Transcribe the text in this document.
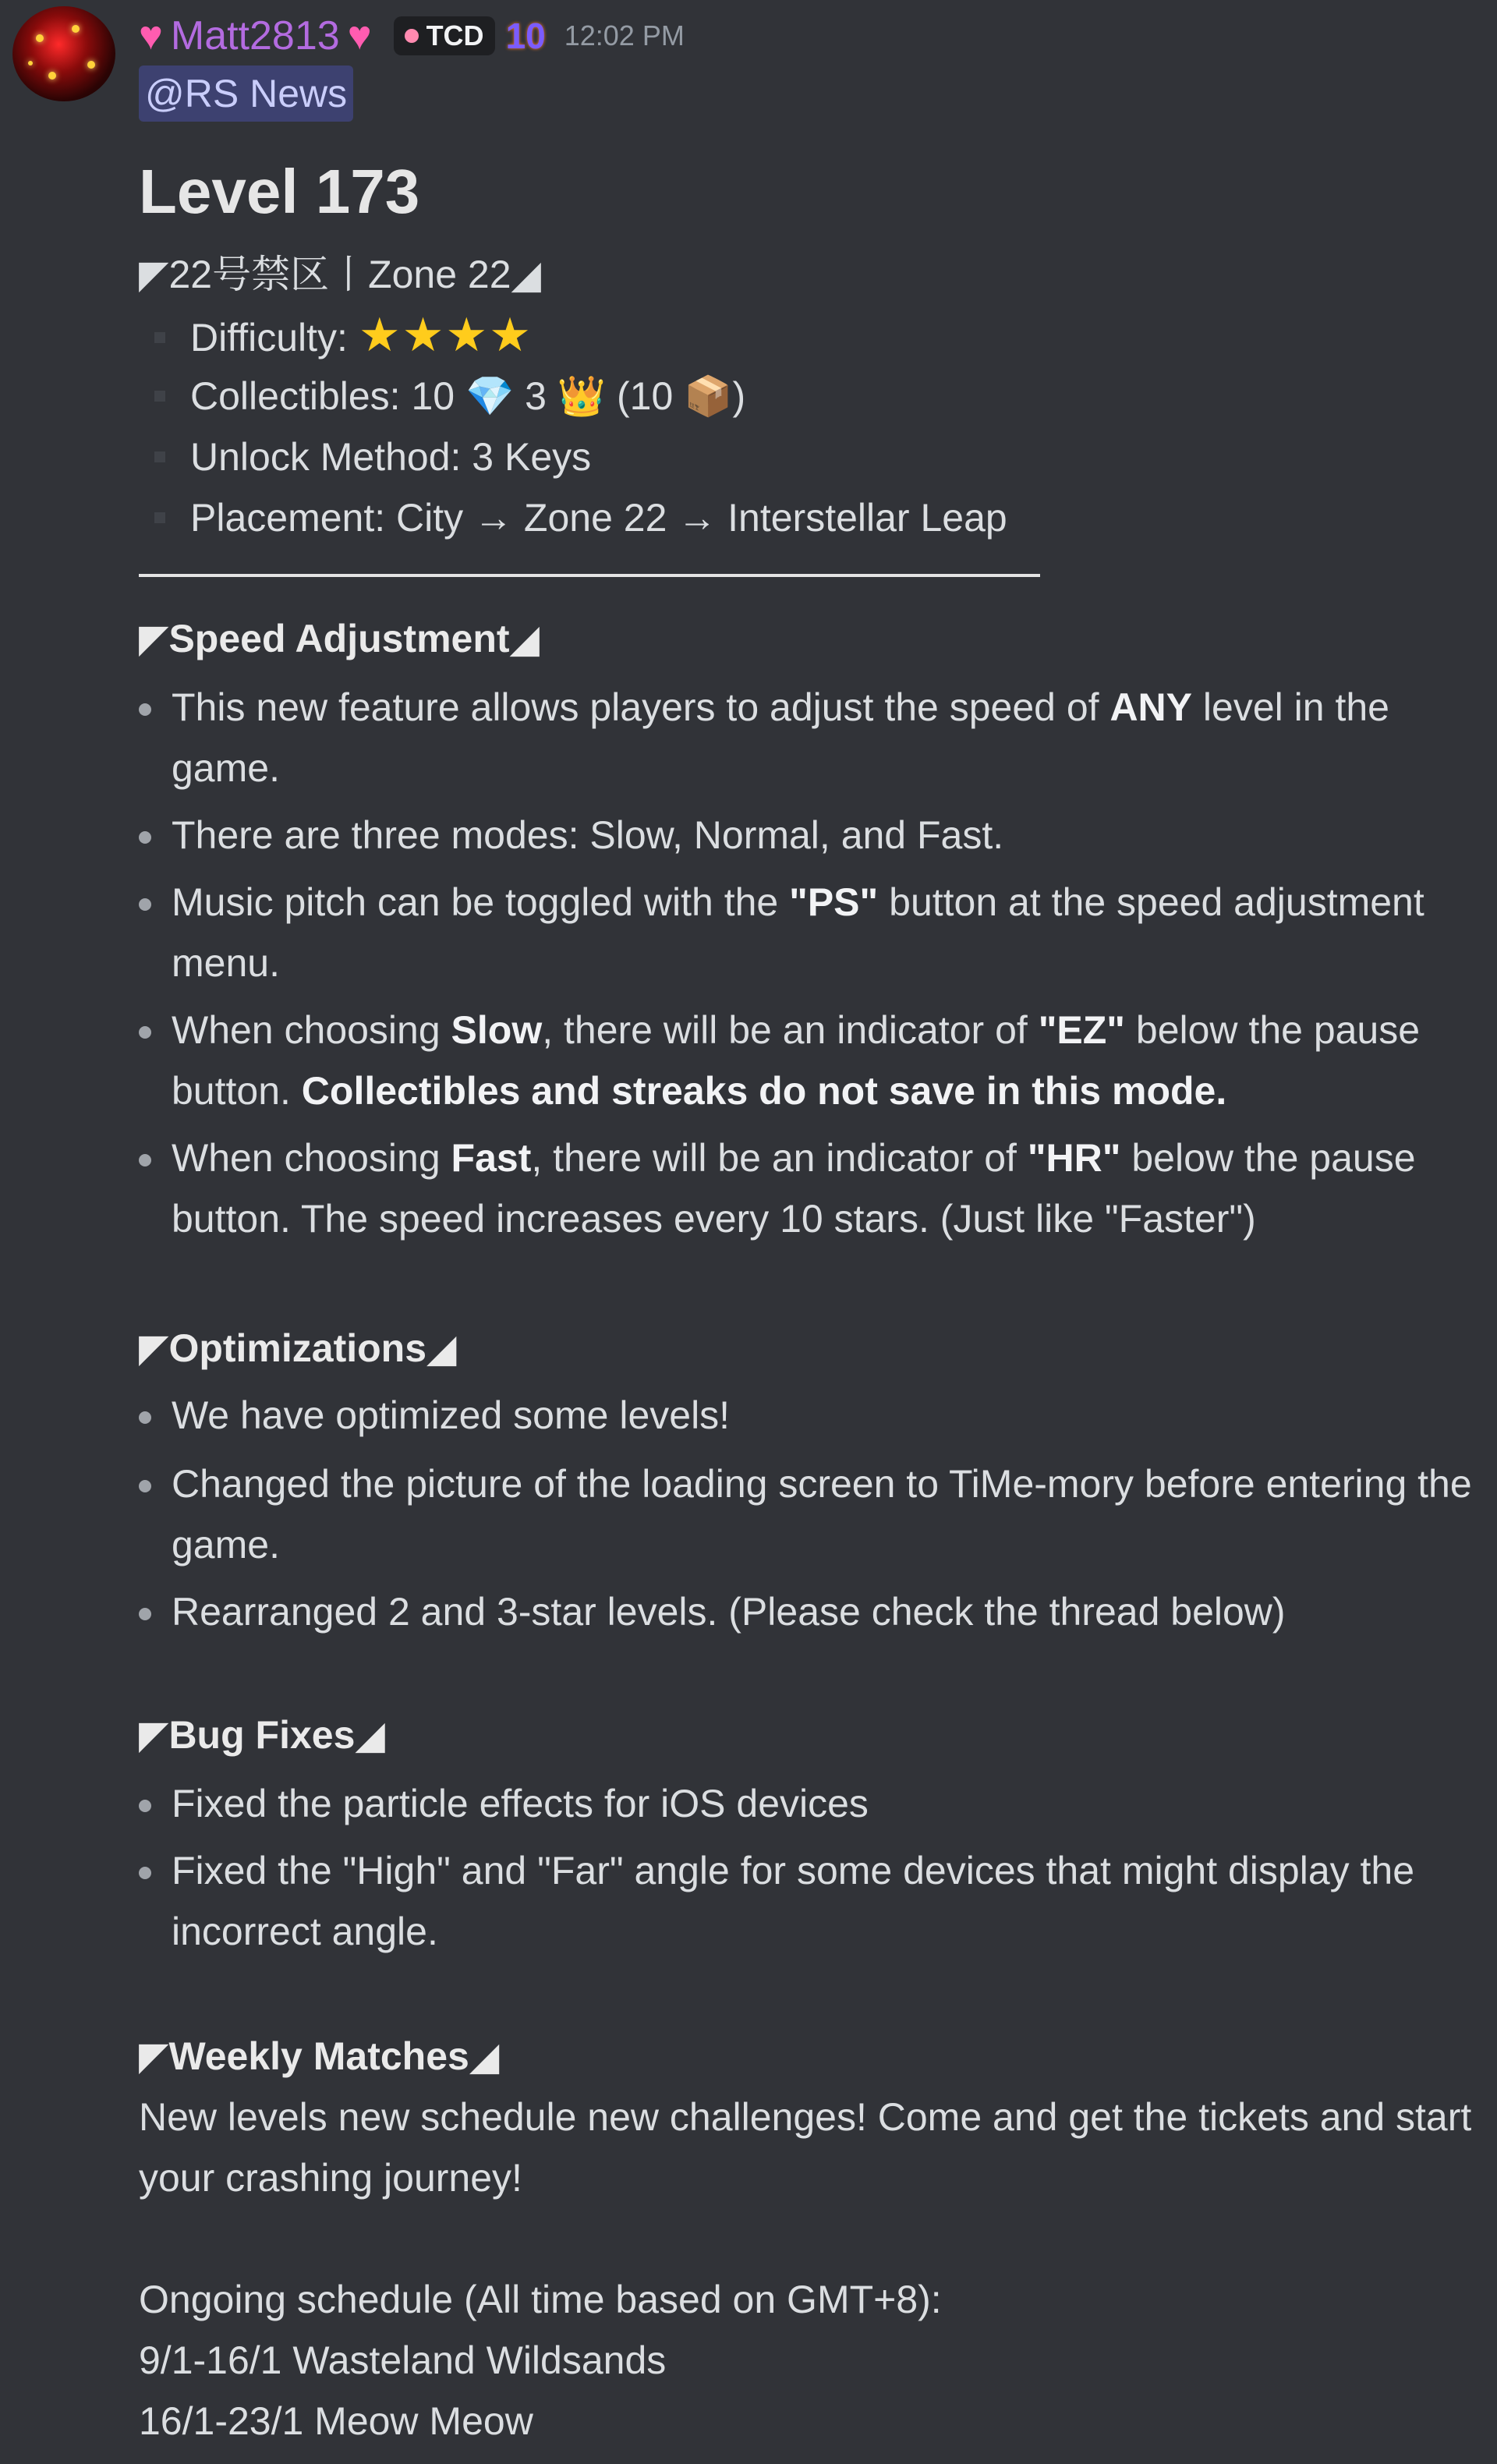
♥ Matt2813 ♥ TCD 10 12:02 PM
@RS News
Level 173
◤22号禁区丨Zone 22◢
Difficulty: ★★★★
Collectibles: 10 💎 3 👑 (10 📦)
Unlock Method: 3 Keys
Placement: City → Zone 22 → Interstellar Leap
◤Speed Adjustment◢
This new feature allows players to adjust the speed of ANY level in the game.
There are three modes: Slow, Normal, and Fast.
Music pitch can be toggled with the "PS" button at the speed adjustment menu.
When choosing Slow, there will be an indicator of "EZ" below the pause button. Collectibles and streaks do not save in this mode.
When choosing Fast, there will be an indicator of "HR" below the pause button. The speed increases every 10 stars. (Just like "Faster")
◤Optimizations◢
We have optimized some levels!
Changed the picture of the loading screen to TiMe-mory before entering the game.
Rearranged 2 and 3-star levels. (Please check the thread below)
◤Bug Fixes◢
Fixed the particle effects for iOS devices
Fixed the "High" and "Far" angle for some devices that might display the incorrect angle.
◤Weekly Matches◢
New levels new schedule new challenges! Come and get the tickets and start your crashing journey!
Ongoing schedule (All time based on GMT+8):
9/1-16/1 Wasteland Wildsands
16/1-23/1 Meow Meow
